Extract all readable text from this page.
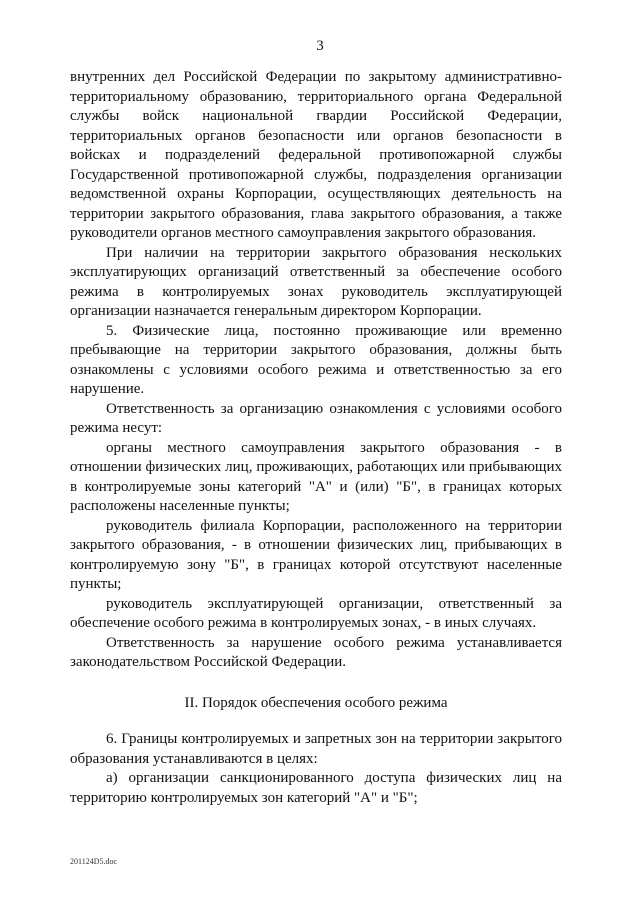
3

внутренних дел Российской Федерации по закрытому административно-территориальному образованию, территориального органа Федеральной службы войск национальной гвардии Российской Федерации, территориальных органов безопасности или органов безопасности в войсках и подразделений федеральной противопожарной службы Государственной противопожарной службы, подразделения организации ведомственной охраны Корпорации, осуществляющих деятельность на территории закрытого образования, глава закрытого образования, а также руководители органов местного самоуправления закрытого образования.

При наличии на территории закрытого образования нескольких эксплуатирующих организаций ответственный за обеспечение особого режима в контролируемых зонах руководитель эксплуатирующей организации назначается генеральным директором Корпорации.

5. Физические лица, постоянно проживающие или временно пребывающие на территории закрытого образования, должны быть ознакомлены с условиями особого режима и ответственностью за его нарушение.

Ответственность за организацию ознакомления с условиями особого режима несут:

органы местного самоуправления закрытого образования - в отношении физических лиц, проживающих, работающих или прибывающих в контролируемые зоны категорий "А" и (или) "Б", в границах которых расположены населенные пункты;

руководитель филиала Корпорации, расположенного на территории закрытого образования, - в отношении физических лиц, прибывающих в контролируемую зону "Б", в границах которой отсутствуют населенные пункты;

руководитель эксплуатирующей организации, ответственный за обеспечение особого режима в контролируемых зонах, - в иных случаях.

Ответственность за нарушение особого режима устанавливается законодательством Российской Федерации.

II. Порядок обеспечения особого режима

6. Границы контролируемых и запретных зон на территории закрытого образования устанавливаются в целях:

а) организации санкционированного доступа физических лиц на территорию контролируемых зон категорий "А" и "Б";

201124D5.doc
